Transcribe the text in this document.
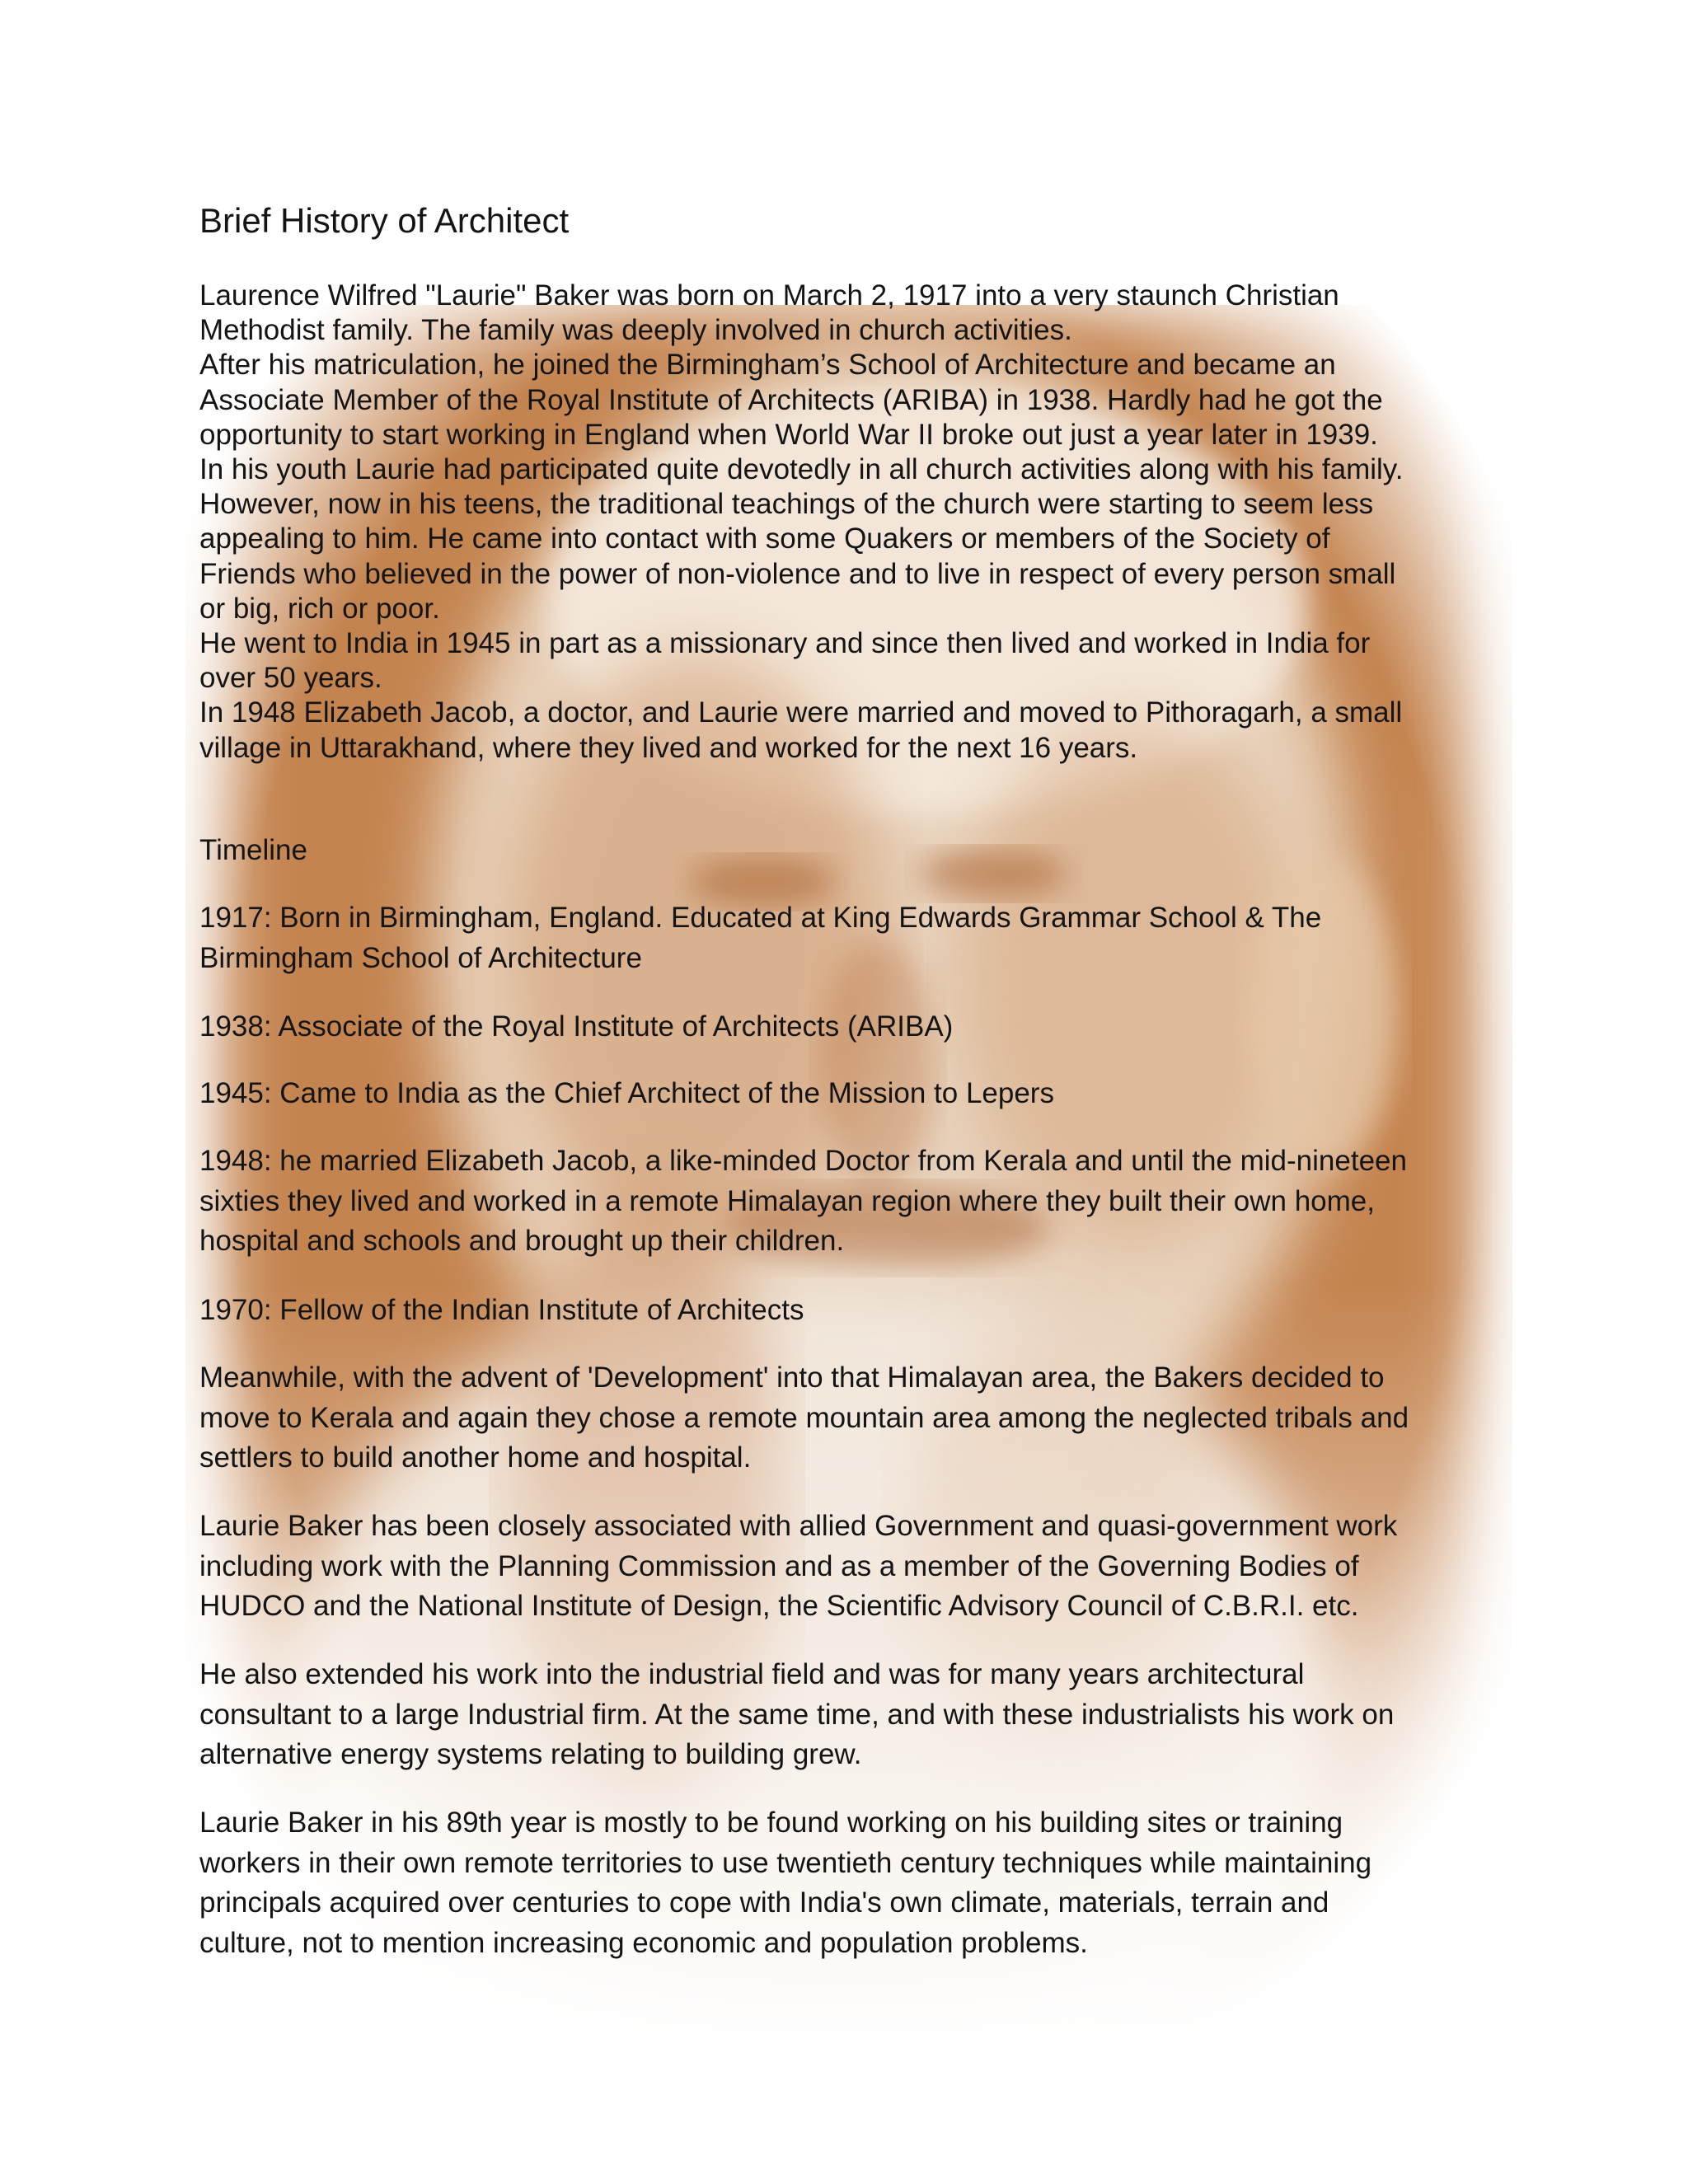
Brief History of Architect

Laurence Wilfred "Laurie" Baker was born on March 2, 1917 into a very staunch Christian

Methodist family. The family was deeply involved in church activities.

After his matriculation, he joined the Birmingham’s School of Architecture and became an

Associate Member of the Royal Institute of Architects (ARIBA) in 1938. Hardly had he got the

opportunity to start working in England when World War II broke out just a year later in 1939.

In his youth Laurie had participated quite devotedly in all church activities along with his family.

However, now in his teens, the traditional teachings of the church were starting to seem less

appealing to him. He came into contact with some Quakers or members of the Society of

Friends who believed in the power of non-violence and to live in respect of every person small

or big, rich or poor.

He went to India in 1945 in part as a missionary and since then lived and worked in India for

over 50 years.

In 1948 Elizabeth Jacob, a doctor, and Laurie were married and moved to Pithoragarh, a small

village in Uttarakhand, where they lived and worked for the next 16 years.

Timeline

1917: Born in Birmingham, England. Educated at King Edwards Grammar School & The
Birmingham School of Architecture

1938: Associate of the Royal Institute of Architects (ARIBA)

1945: Came to India as the Chief Architect of the Mission to Lepers

1948: he married Elizabeth Jacob, a like-minded Doctor from Kerala and until the mid-nineteen
sixties they lived and worked in a remote Himalayan region where they built their own home,
hospital and schools and brought up their children.

1970: Fellow of the Indian Institute of Architects

Meanwhile, with the advent of 'Development' into that Himalayan area, the Bakers decided to
move to Kerala and again they chose a remote mountain area among the neglected tribals and
settlers to build another home and hospital.

Laurie Baker has been closely associated with allied Government and quasi-government work
including work with the Planning Commission and as a member of the Governing Bodies of
HUDCO and the National Institute of Design, the Scientific Advisory Council of C.B.R.I. etc.

He also extended his work into the industrial field and was for many years architectural
consultant to a large Industrial firm. At the same time, and with these industrialists his work on
alternative energy systems relating to building grew.

Laurie Baker in his 89th year is mostly to be found working on his building sites or training
workers in their own remote territories to use twentieth century techniques while maintaining
principals acquired over centuries to cope with India's own climate, materials, terrain and
culture, not to mention increasing economic and population problems.
